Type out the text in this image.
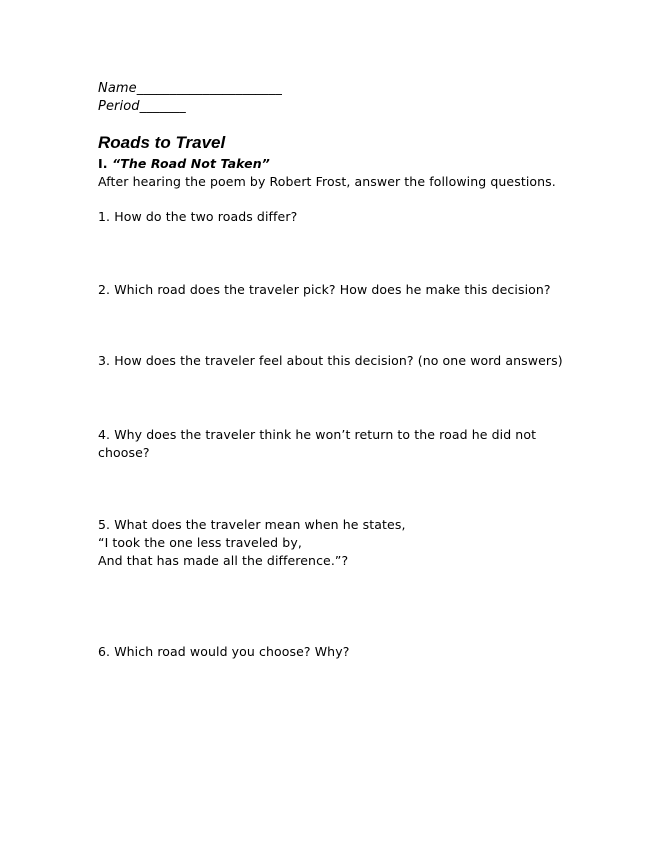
Name______________________
Period_______
Roads to Travel
I. “The Road Not Taken”
After hearing the poem by Robert Frost, answer the following questions.
1. How do the two roads differ?
2. Which road does the traveler pick? How does he make this decision?
3. How does the traveler feel about this decision? (no one word answers)
4. Why does the traveler think he won’t return to the road he did not
choose?
5. What does the traveler mean when he states,
“I took the one less traveled by,
And that has made all the difference.”?
6. Which road would you choose? Why?
